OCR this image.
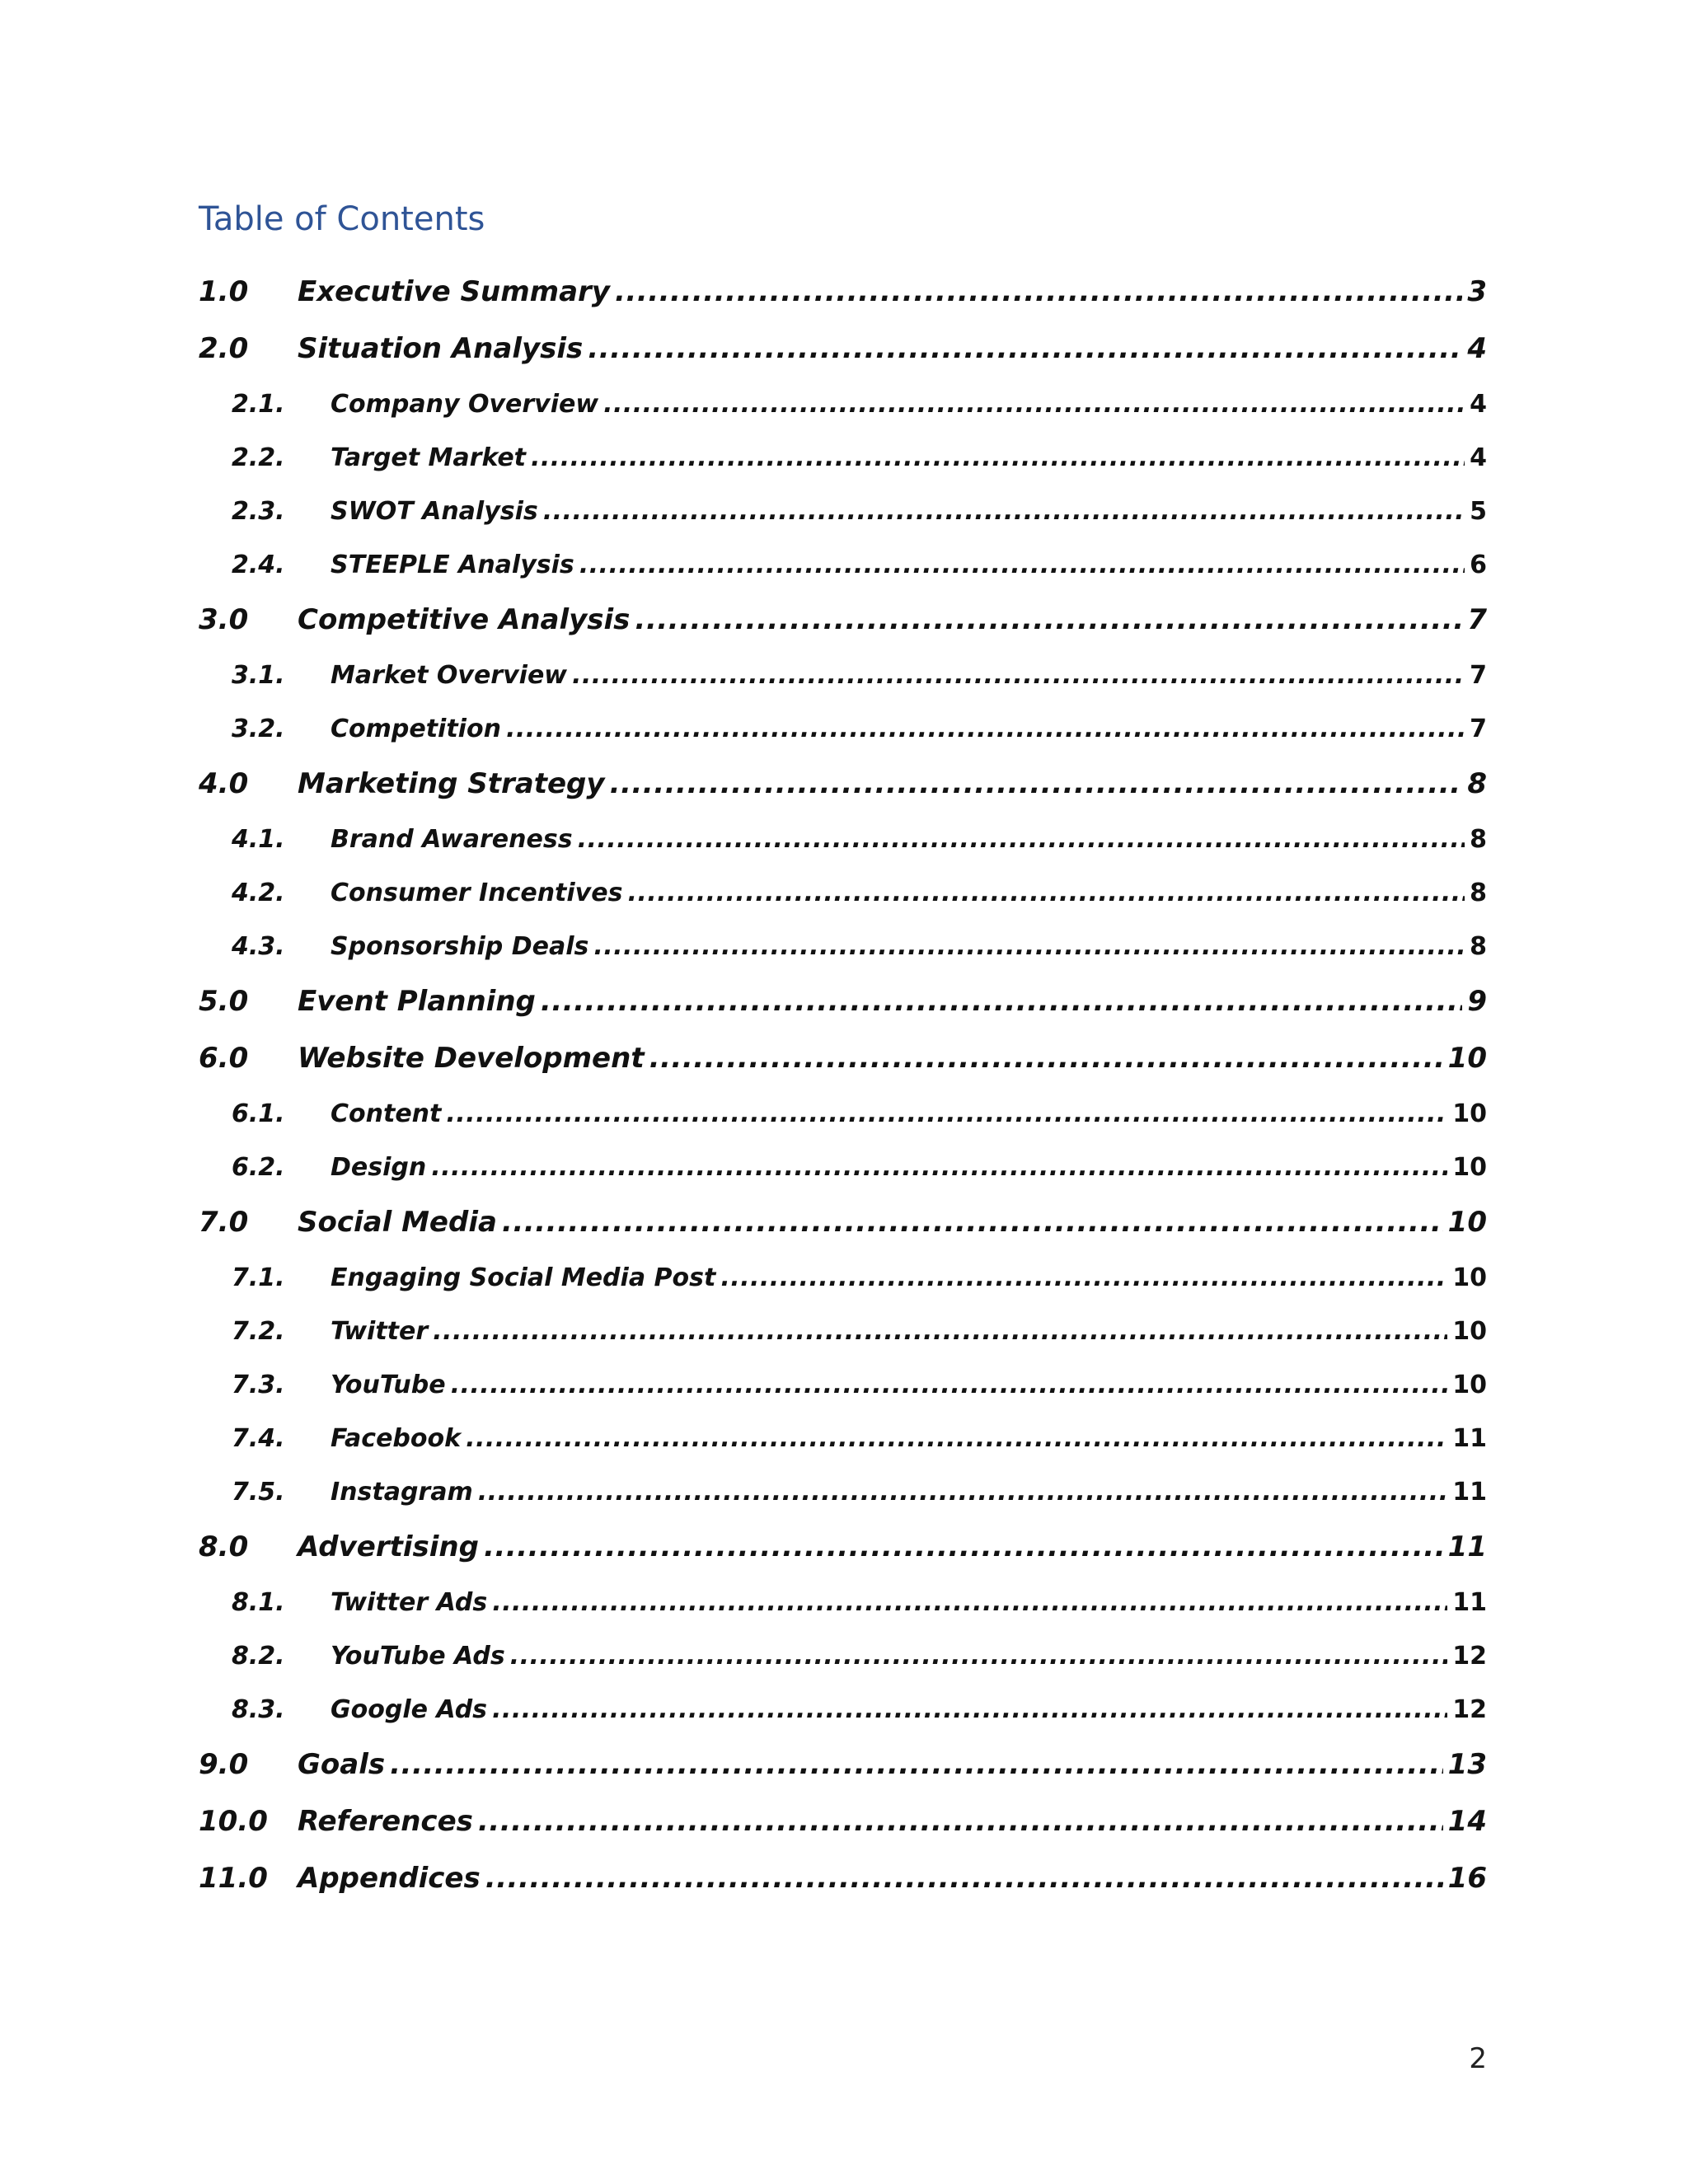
Table of Contents
1.0	Executive Summary .....	3
2.0	Situation Analysis .....	4
2.1.	Company Overview .....	4
2.2.	Target Market .....	4
2.3.	SWOT Analysis .....	5
2.4.	STEEPLE Analysis .....	6
3.0	Competitive Analysis .....	7
3.1.	Market Overview .....	7
3.2.	Competition .....	7
4.0	Marketing Strategy .....	8
4.1.	Brand Awareness .....	8
4.2.	Consumer Incentives .....	8
4.3.	Sponsorship Deals .....	8
5.0	Event Planning .....	9
6.0	Website Development .....	10
6.1.	Content .....	10
6.2.	Design .....	10
7.0	Social Media .....	10
7.1.	Engaging Social Media Post .....	10
7.2.	Twitter .....	10
7.3.	YouTube .....	10
7.4.	Facebook .....	11
7.5.	Instagram .....	11
8.0	Advertising .....	11
8.1.	Twitter Ads .....	11
8.2.	YouTube Ads .....	12
8.3.	Google Ads .....	12
9.0	Goals .....	13
10.0	References .....	14
11.0	Appendices .....	16
2
